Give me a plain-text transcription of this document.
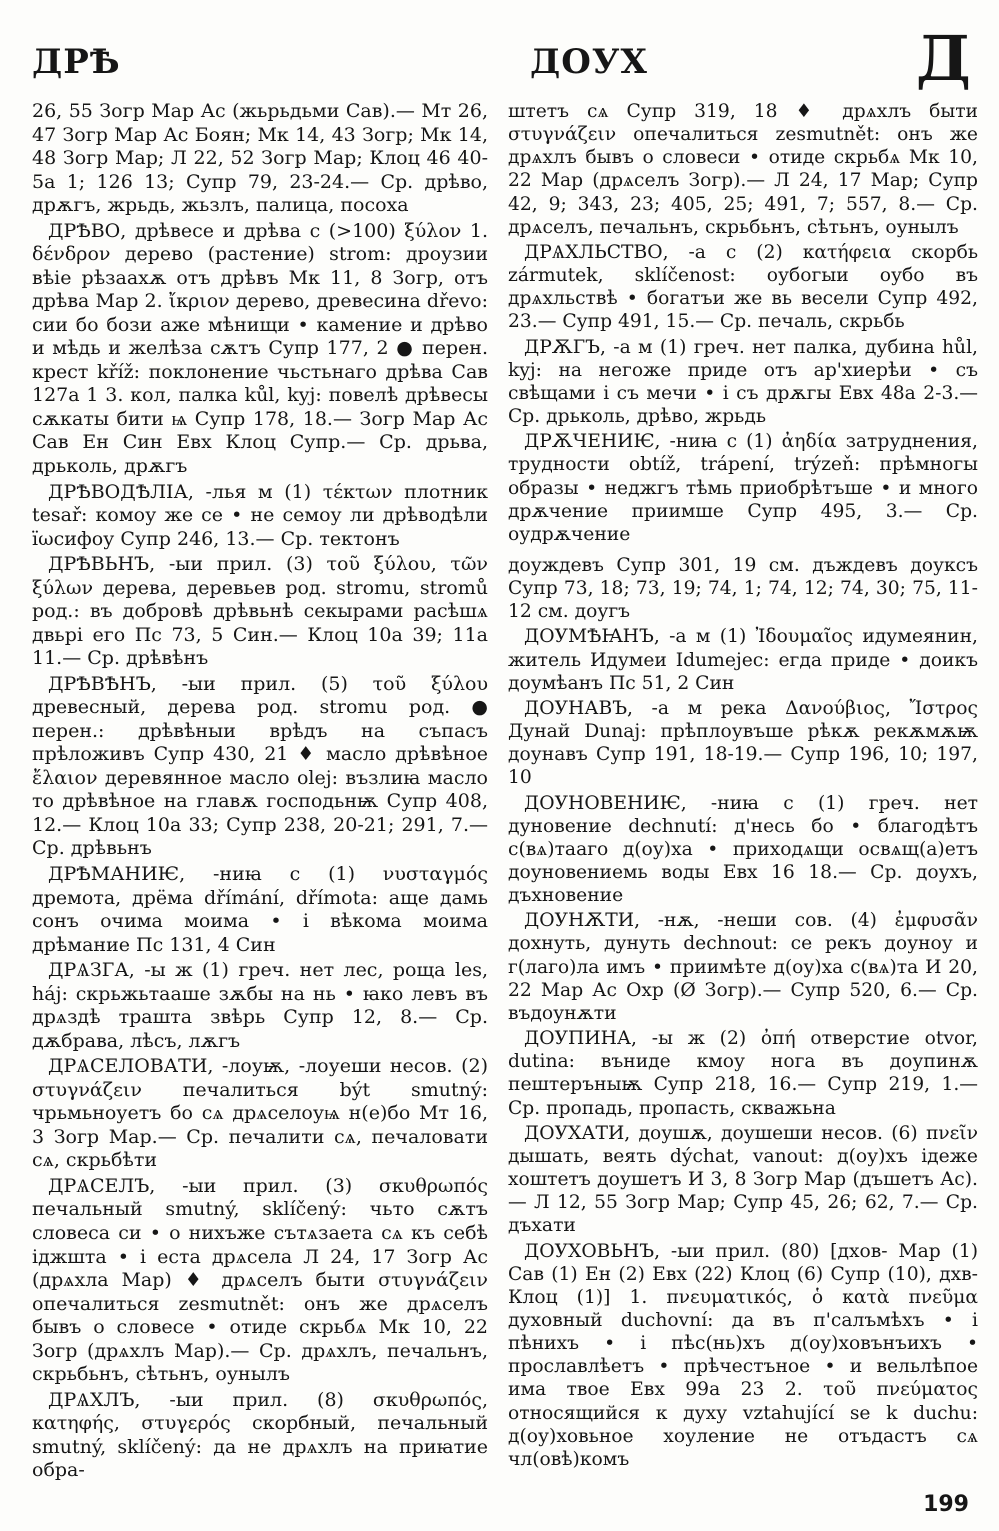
ДРѢ	ДОУХ	Д

26, 55 Зогр Мар Ас (жьрьдьми Сав).— Мт 26, 47 Зогр Мар Ас Боян; Мк 14, 43 Зогр; Мк 14, 48 Зогр Мар; Л 22, 52 Зогр Мар; Клоц 46 40-5а 1; 126 13; Супр 79, 23-24.— Ср. дрѣво, дрѫгъ, жрьдь, жьзлъ, палица, посоха

ДРѢВО, дрѣвесе и дрѣва с (>100) ξύλον 1. δένδρον дерево (растение) strom: дроузии вѣіе рѣзаахѫ отъ дрѣвъ Мк 11, 8 Зогр, отъ дрѣва Мар 2. ἴκριον дерево, древесина dřevo: сии бо бози аже мѣнищи • камение и дрѣво и мѣдь и желѣза сѫтъ Супр 177, 2 ● перен. крест kříž: поклонение чьстьнаго дрѣва Сав 127а 1 3. кол, палка kůl, kyj: повелѣ дрѣвесы сѫкаты бити ѩ Супр 178, 18.— Зогр Мар Ас Сав Ен Син Евх Клоц Супр.— Ср. дрьва, дрьколь, дрѫгъ

ДРѢВОДѢЛІА, -лья м (1) τέκτων плотник tesař: комоу же се • не семоу ли дрѣводѣли їωсифоу Супр 246, 13.— Ср. тектонъ

ДРѢВЬНЪ, -ыи прил. (3) τοῦ ξύλου, τῶν ξύλων дерева, деревьев род. stromu, stromů род.: въ добровѣ дрѣвьнѣ секырами расѣшѧ двьрі его Пс 73, 5 Син.— Клоц 10а 39; 11а 11.— Ср. дрѣвѣнъ

ДРѢВѢНЪ, -ыи прил. (5) τοῦ ξύλου древесный, дерева род. stromu род. ● перен.: дрѣвѣныи врѣдъ на съпасъ прѣложивъ Супр 430, 21 ♦ масло дрѣвѣное ἔλαιον деревянное масло olej: възлиꙗ масло то дрѣвѣное на главѫ господьнѭ Супр 408, 12.— Клоц 10а 33; Супр 238, 20-21; 291, 7.— Ср. дрѣвьнъ

ДРѢМАНИѤ, -ниꙗ с (1) νυσταγμός дремота, дрёма dřímání, dřímota: аще дамь сонъ очима моима • і вѣкома моима дрѣмание Пс 131, 4 Син

ДРѦЗГА, -ы ж (1) греч. нет лес, роща les, háj: скрьжьтааше зѫбы на нь • ꙗко левъ въ дрѧздѣ трашта звѣрь Супр 12, 8.— Ср. дѫбрава, лѣсъ, лѫгъ

ДРѦСЕЛОВАТИ, -лоуѭ, -лоуеши несов. (2) στυγνάζειν печалиться být smutný: чрьмьноуетъ бо сѧ дрѧселоуѩ н(е)бо Мт 16, 3 Зогр Мар.— Ср. печалити сѧ, печаловати сѧ, скрьбѣти

ДРѦСЕЛЪ, -ыи прил. (3) σκυθρωπός печальный smutný, sklíčený: чьто сѫтъ словеса си • о нихъже сътѧзаета сѧ къ себѣ іджшта • і еста дрѧсела Л 24, 17 Зогр Ас (дрѧхла Мар) ♦ дрѧселъ быти στυγνάζειν опечалиться zesmutnět: онъ же дрѧселъ бывъ о словесе • отиде скрьбѧ Мк 10, 22 Зогр (дрѧхлъ Мар).— Ср. дрѧхлъ, печальнъ, скрьбьнъ, сѣтьнъ, оунылъ

ДРѦХЛЪ, -ыи прил. (8) σκυθρωπός, κατηφής, στυγερός скорбный, печальный smutný, sklíčený: да не дрѧхлъ на приꙗтие обра-

штетъ сѧ Супр 319, 18 ♦ дрѧхлъ быти στυγνάζειν опечалиться zesmutnět: онъ же дрѧхлъ бывъ о словеси • отиде скрьбѧ Мк 10, 22 Мар (дрѧселъ Зогр).— Л 24, 17 Мар; Супр 42, 9; 343, 23; 405, 25; 491, 7; 557, 8.— Ср. дрѧселъ, печальнъ, скрьбьнъ, сѣтьнъ, оунылъ

ДРѦХЛЬСТВО, -а с (2) κατήφεια скорбь zármutek, sklíčenost: оубогыи оубо въ дрѧхльствѣ • богатъи же вь весели Супр 492, 23.— Супр 491, 15.— Ср. печаль, скрьбь

ДРѪГЪ, -а м (1) греч. нет палка, дубина hůl, kyj: на негоже приде отъ ар'хиерѣи • съ свѣщами і съ мечи • і съ дрѫгы Евх 48а 2-3.— Ср. дрьколь, дрѣво, жрьдь

ДРѪЧЕНИѤ, -ниꙗ с (1) ἀηδία затруднения, трудности obtíž, trápení, trýzeň: прѣмногы образы • неджгъ тѣмь приобрѣтъше • и много дрѫчение приимше Супр 495, 3.— Ср. оудрѫчение

доуждевъ Супр 301, 19 см. дъждевъ доуксъ Супр 73, 18; 73, 19; 74, 1; 74, 12; 74, 30; 75, 11-12 см. доугъ

ДОУМѢꙖНЪ, -а м (1) Ἰδουμαῖος идумеянин, житель Идумеи Idumejec: егда приде • доикъ доумѣанъ Пс 51, 2 Син

ДОУНАВЪ, -а м река Δανούβιος, Ἴστρος Дунай Dunaj: прѣплоувъше рѣкѫ рекѫмѫѭ доунавъ Супр 191, 18-19.— Супр 196, 10; 197, 10

ДОУНОВЕНИѤ, -ниꙗ с (1) греч. нет дуновение dechnutí: д'несь бо • благодѣтъ с(вѧ)тааго д(оу)ха • приходѧщи освѧщ(а)етъ доуновениемь воды Евх 16 18.— Ср. доухъ, дъхновение

ДОУНѪТИ, -нѫ, -неши сов. (4) ἐμφυσᾶν дохнуть, дунуть dechnout: се рекъ доуноу и г(лаго)ла имъ • приимѣте д(оу)ха с(вѧ)та И 20, 22 Мар Ас Охр (Ø Зогр).— Супр 520, 6.— Ср. въдоунѫти

ДОУПИНА, -ы ж (2) ὀπή отверстие otvor, dutina: въниде кмоу нога въ доупинѫ пештеръныѭ Супр 218, 16.— Супр 219, 1.— Ср. пропадь, пропасть, скважьна

ДОУХАТИ, доушѫ, доушеши несов. (6) πνεῖν дышать, веять dýchat, vanout: д(оу)хъ ідеже хоштетъ доушетъ И 3, 8 Зогр Мар (дъшетъ Ас).— Л 12, 55 Зогр Мар; Супр 45, 26; 62, 7.— Ср. дъхати

ДОУХОВЬНЪ, -ыи прил. (80) [дхов- Мар (1) Сав (1) Ен (2) Евх (22) Клоц (6) Супр (10), дхв- Клоц (1)] 1. πνευματικός, ὁ κατὰ πνεῦμα духовный duchovní: да въ п'салъмѣхъ • і пѣнихъ • і пѣс(нь)хъ д(оу)ховънъихъ • прославлѣетъ • прѣчестъное • и вельлѣпое има твое Евх 99а 23 2. τοῦ πνεύματος относящийся к духу vztahující se k duchu: д(оу)ховьное хоуление не отъдастъ сѧ чл(овѣ)комъ

199
